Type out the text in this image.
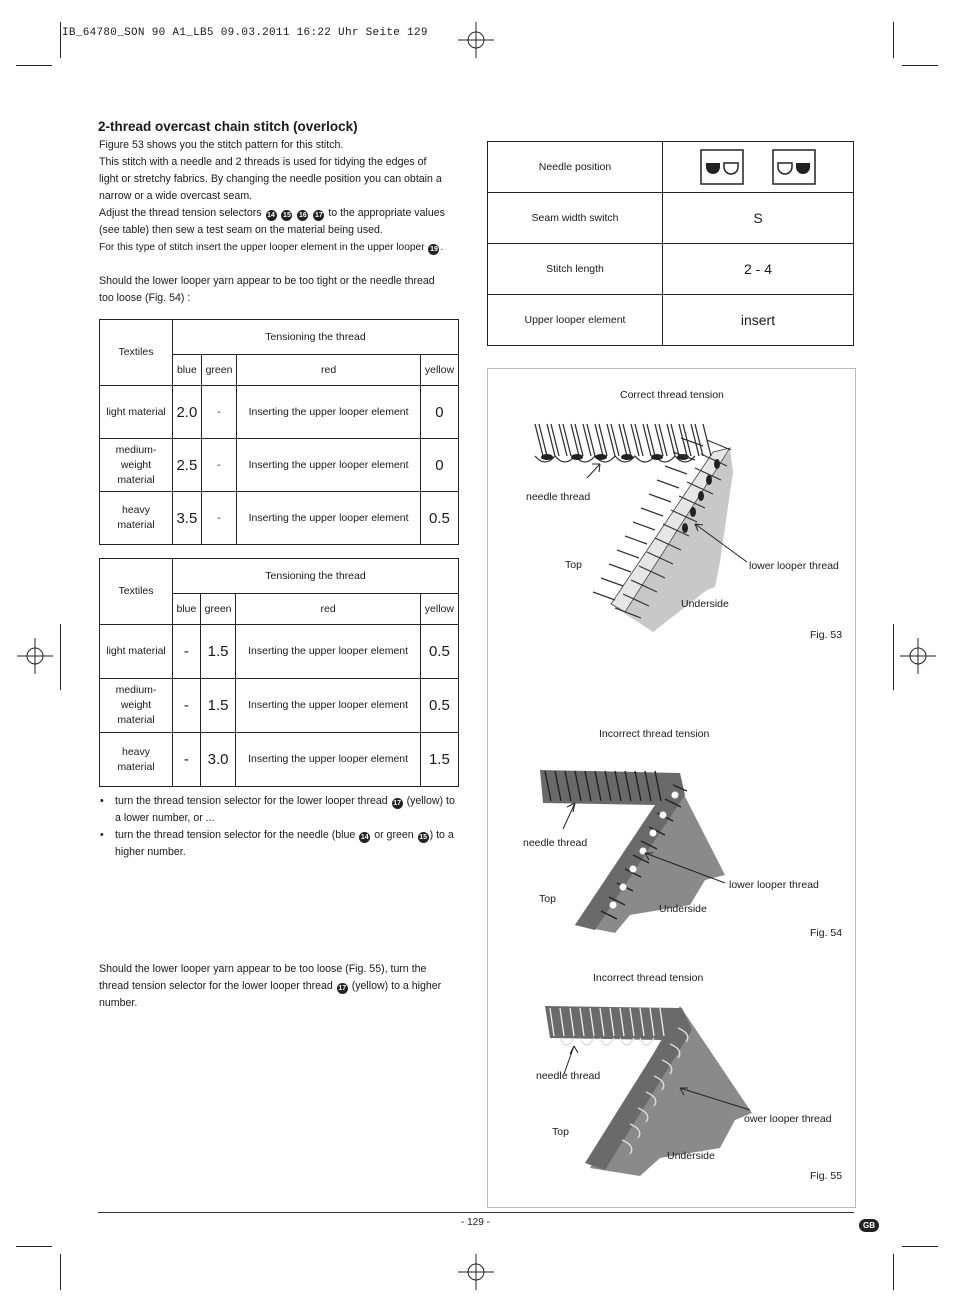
IB_64780_SON 90 A1_LB5 09.03.2011 16:22 Uhr Seite 129
2-thread overcast chain stitch (overlock)
Figure 53 shows you the stitch pattern for this stitch.
This stitch with a needle and 2 threads is used for tidying the edges of
light or stretchy fabrics. By changing the needle position you can obtain a
narrow or a wide overcast seam.
Adjust the thread tension selectors 14 15 16 17 to the appropriate values
(see table) then sew a test seam on the material being used.
For this type of stitch insert the upper looper element in the upper looper 19 .
Should the lower looper yarn appear to be too tight or the needle thread
too loose (Fig. 54) :
Textiles	Tensioning the thread			
	blue	green	red	yellow
light material	2.0	-	Inserting the upper looper element	0
medium-weight material	2.5	-	Inserting the upper looper element	0
heavy material	3.5	-	Inserting the upper looper element	0.5
Textiles	Tensioning the thread			
	blue	green	red	yellow
light material	-	1.5	Inserting the upper looper element	0.5
medium-weight material	-	1.5	Inserting the upper looper element	0.5
heavy material	-	3.0	Inserting the upper looper element	1.5
• turn the thread tension selector for the lower looper thread 17 (yellow) to a lower number, or ...
• turn the thread tension selector for the needle (blue 14 or green 15 ) to a higher number.
Should the lower looper yarn appear to be too loose (Fig. 55), turn the
thread tension selector for the lower looper thread 17 (yellow) to a higher
number.
Needle position	
Seam width switch	S
Stitch length	2 - 4
Upper looper element	insert
Correct thread tension
needle thread
Top	lower looper thread
Underside
Fig. 53
Incorrect thread tension
needle thread
Top
lower looper thread
Underside
Fig. 54
Incorrect thread tension
needle thread
Top
ower looper thread
Underside
Fig. 55
- 129 -	GB
